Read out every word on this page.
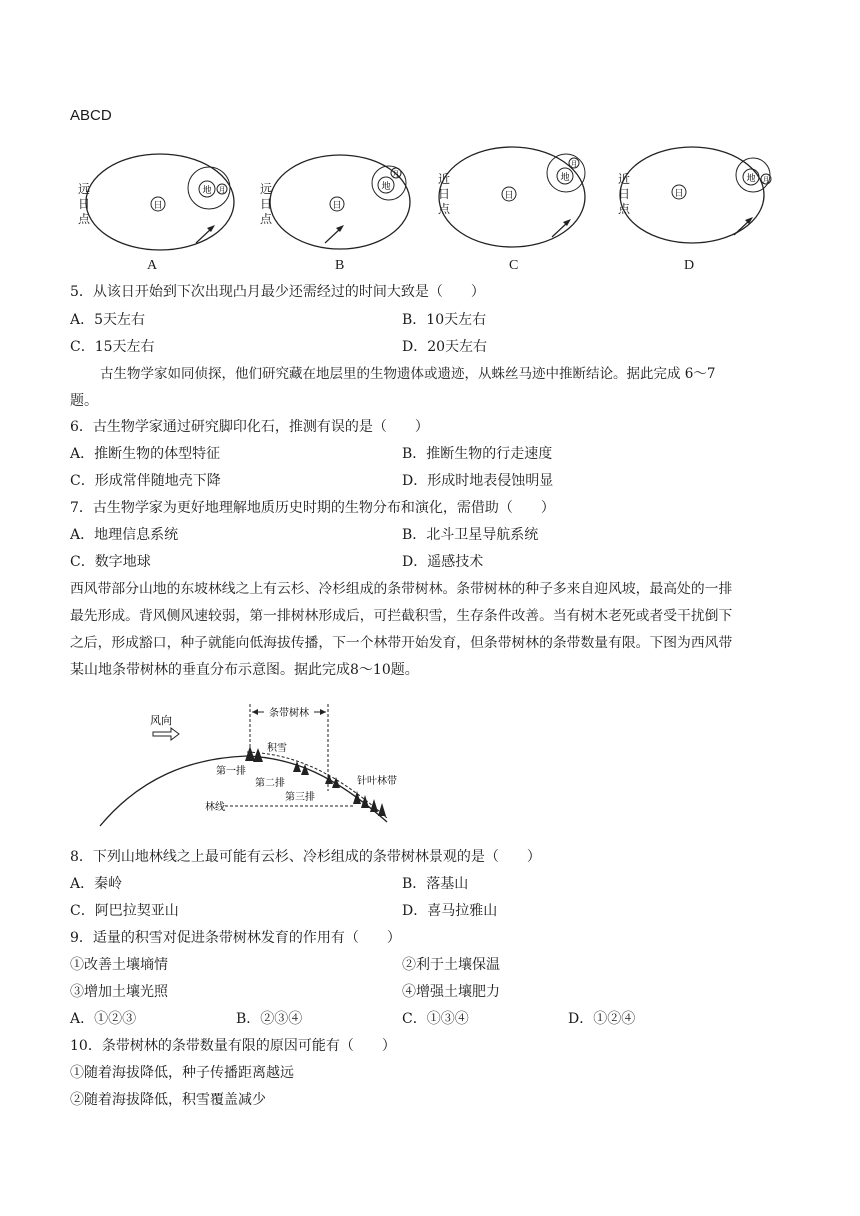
ABCD
日
地 月
远
日
点
A
日
地
月
远
日
点
B
日
地
月
近
日
点
C
日
地 月
近
日
点
D
5．从该日开始到下次出现凸月最少还需经过的时间大致是（　　）
A．5天左右	B．10天左右
C．15天左右	D．20天左右
古生物学家如同侦探，他们研究藏在地层里的生物遗体或遗迹，从蛛丝马迹中推断结论。据此完成 6～7
题。
6．古生物学家通过研究脚印化石，推测有误的是（　　）
A．推断生物的体型特征	B．推断生物的行走速度
C．形成常伴随地壳下降	D．形成时地表侵蚀明显
7．古生物学家为更好地理解地质历史时期的生物分布和演化，需借助（　　）
A．地理信息系统	B．北斗卫星导航系统
C．数字地球	D．遥感技术
西风带部分山地的东坡林线之上有云杉、冷杉组成的条带树林。条带树林的种子多来自迎风坡，最高处的一排
最先形成。背风侧风速较弱，第一排树林形成后，可拦截积雪，生存条件改善。当有树木老死或者受干扰倒下
之后，形成豁口，种子就能向低海拔传播，下一个林带开始发育，但条带树林的条带数量有限。下图为西风带
某山地条带树林的垂直分布示意图。据此完成8～10题。
条带树林
风向
积雪
第一排
第二排
第三排
针叶林带
林线
8．下列山地林线之上最可能有云杉、冷杉组成的条带树林景观的是（　　）
A．秦岭	B．落基山
C．阿巴拉契亚山	D．喜马拉雅山
9．适量的积雪对促进条带树林发育的作用有（　　）
①改善土壤墒情	②利于土壤保温
③增加土壤光照	④增强土壤肥力
A．①②③	B．②③④	C．①③④	D．①②④
10．条带树林的条带数量有限的原因可能有（　　）
①随着海拔降低，种子传播距离越远
②随着海拔降低，积雪覆盖减少
